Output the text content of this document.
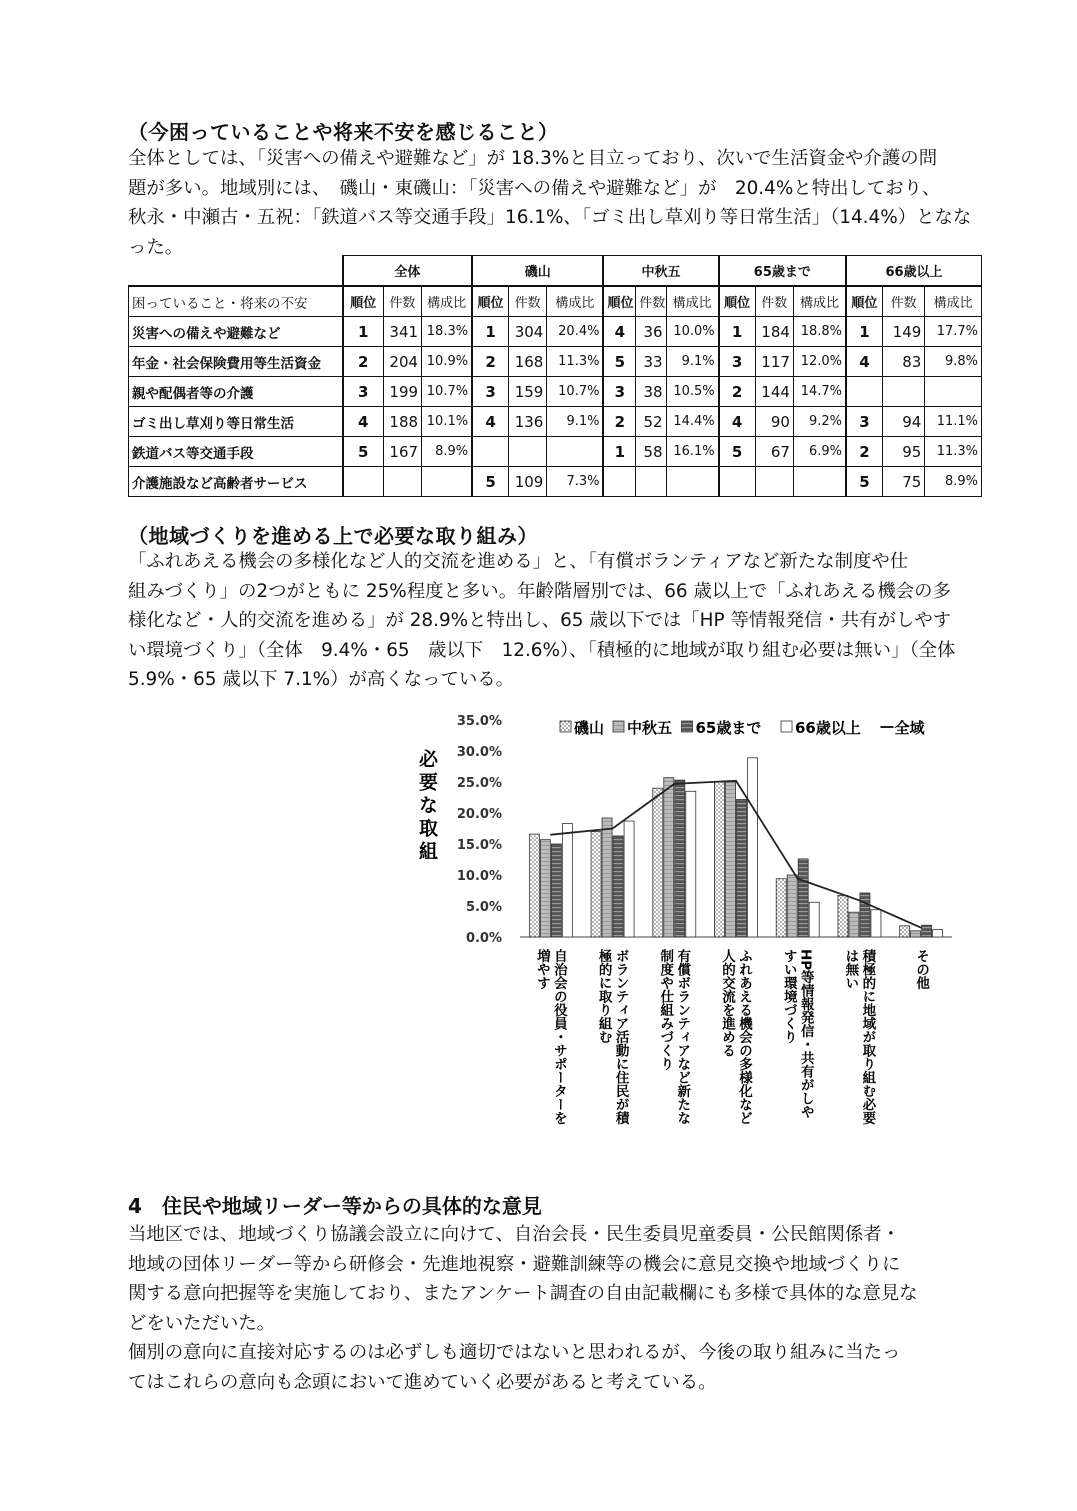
（今困っていることや将来不安を感じること）

全体としては、「災害への備えや避難など」が 18.3%と目立っており、次いで生活資金や介護の問

題が多い。地域別には、　磯山・東磯山：「災害への備えや避難など」が　20.4%と特出しており、

秋永・中瀬古・五祝：「鉄道バス等交通手段」16.1%、「ゴミ出し草刈り等日常生活」（14.4%）となな

った。

	全体			磯山			中秋五			65歳まで			66歳以上		
困っていること・将来の不安	順位	件数	構成比	順位	件数	構成比	順位	件数	構成比	順位	件数	構成比	順位	件数	構成比
災害への備えや避難など	1	341	18.3%	1	304	20.4%	4	36	10.0%	1	184	18.8%	1	149	17.7%
年金・社会保険費用等生活資金	2	204	10.9%	2	168	11.3%	5	33	9.1%	3	117	12.0%	4	83	9.8%
親や配偶者等の介護	3	199	10.7%	3	159	10.7%	3	38	10.5%	2	144	14.7%			
ゴミ出し草刈り等日常生活	4	188	10.1%	4	136	9.1%	2	52	14.4%	4	90	9.2%	3	94	11.1%
鉄道バス等交通手段	5	167	8.9%				1	58	16.1%	5	67	6.9%	2	95	11.3%
介護施設など高齢者サービス				5	109	7.3%							5	75	8.9%
（地域づくりを進める上で必要な取り組み）

「ふれあえる機会の多様化など人的交流を進める」と、「有償ボランティアなど新たな制度や仕

組みづくり」の2つがともに 25%程度と多い。年齢階層別では、66 歳以上で「ふれあえる機会の多

様化など・人的交流を進める」が 28.9%と特出し、65 歳以下では「HP 等情報発信・共有がしやす

い環境づくり」（全体　9.4%・65　歳以下　12.6%）、「積極的に地域が取り組む必要は無い」（全体

5.9%・65 歳以下 7.1%）が高くなっている。

必要な取組
0.0%
5.0%
10.0%
15.0%
20.0%
25.0%
30.0%
35.0%
自治会の役員・サポーターを
増やす	ボランティア活動に住民が積
極的に取り組む	有償ボランティアなど新たな
制度や仕組みづくり	ふれあえる機会の多様化など
人的交流を進める	HP等情報発信・共有がしや
すい環境づくり	積極的に地域が取り組む必要
は無い	その他
磯山 中秋五 65歳まで 66歳以上 全域
4　住民や地域リーダー等からの具体的な意見

当地区では、地域づくり協議会設立に向けて、自治会長・民生委員児童委員・公民館関係者・

地域の団体リーダー等から研修会・先進地視察・避難訓練等の機会に意見交換や地域づくりに

関する意向把握等を実施しており、またアンケート調査の自由記載欄にも多様で具体的な意見な

どをいただいた。

個別の意向に直接対応するのは必ずしも適切ではないと思われるが、今後の取り組みに当たっ

てはこれらの意向も念頭において進めていく必要があると考えている。
